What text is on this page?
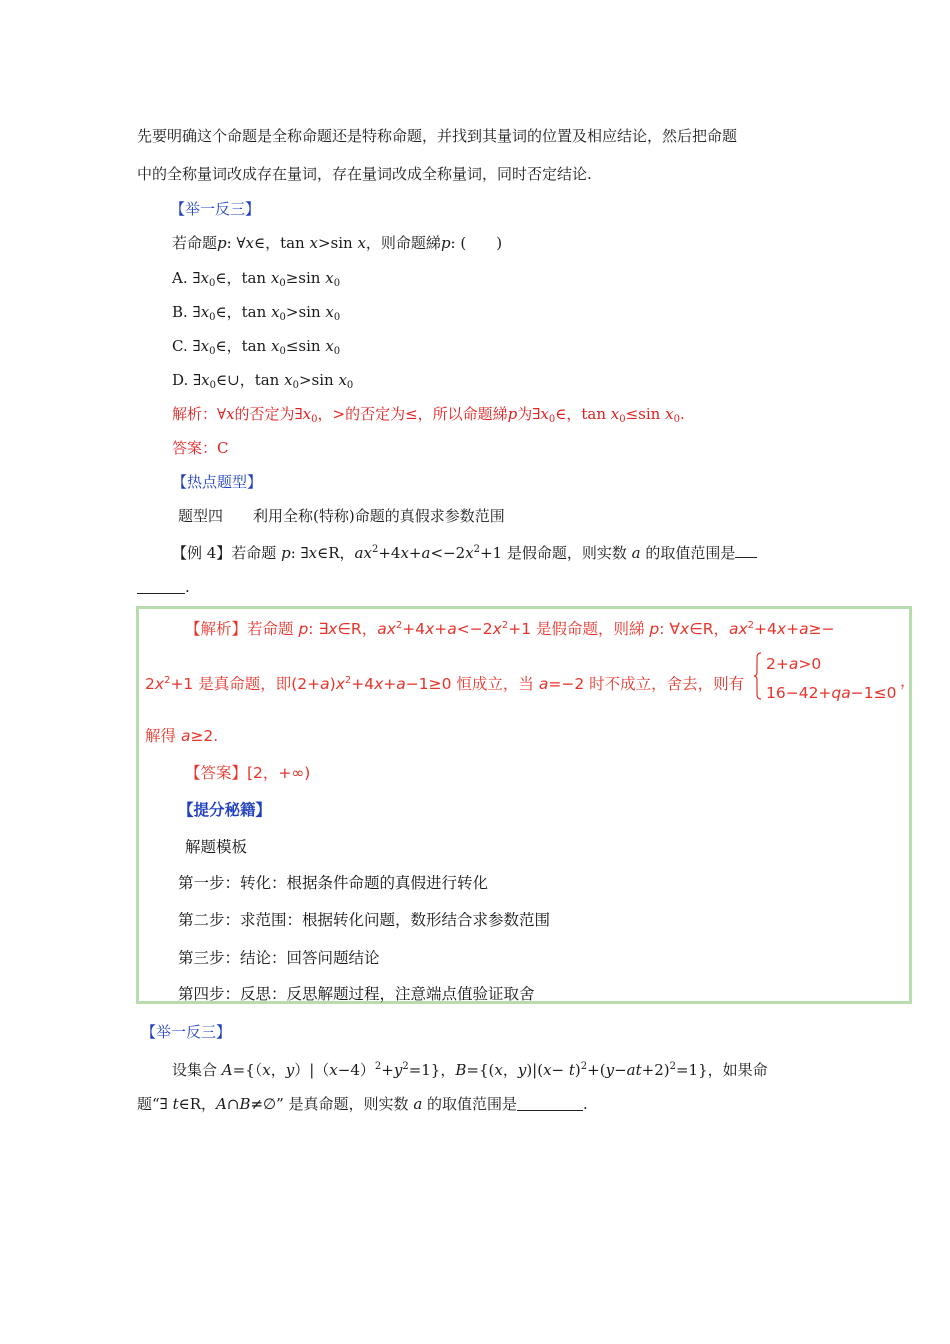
先要明确这个命题是全称命题还是特称命题，并找到其量词的位置及相应结论，然后把命题
中的全称量词改成存在量词，存在量词改成全称量词，同时否定结论.
【举一反三】
若命题p: ∀x∈，tan x>sin x，则命题綈p: (　　)
A. $\exists x_0\in$，$\tan x_0\ge\sin$ $x_0$
B. $\exists x_0\in$，$\tan x_0>\sin$ $x_0$
C. $\exists x_0\in$，$\tan x_0\le\sin$ $x_0$
D. $\exists x_0\in\cup$，$\tan x_0>\sin$ $x_0$
解析：∀x的否定为$\exists x_0$，>的否定为≤，所以命题綈p为$\exists x_0\in$，$\tan x_0\le\sin$ $x_0$.
答案：C
【热点题型】
题型四　　利用全称(特称)命题的真假求参数范围
【例 4】若命题 p: ∃x∈R，$ax^2+4x+a<-2x^2+1$ 是假命题，则实数 a 的取值范围是
.
【解析】若命题 p: ∃x∈R，$ax^2+4x+a<-2x^2+1$ 是假命题，则綈 p: ∀x∈R，$ax^2+4x+a\ge-$
$2x^2+1$ 是真命题，即$(2+a)x^2+4x+a-1\ge 0$ 恒成立，当 a=−2 时不成立，舍去，则有
2+a>0
16−42+qa−1≤0
，
解得 a≥2.
【答案】[2，+∞)
【提分秘籍】
解题模板
第一步：转化：根据条件命题的真假进行转化
第二步：求范围：根据转化问题，数形结合求参数范围
第三步：结论：回答问题结论
第四步：反思：反思解题过程，注意端点值验证取舍
【举一反三】
设集合 A={（x，$y)|(x-4)^2+y^2=1$}，B={(x，$y)|(x- t)^2+(y-at+2)^2=1$}，如果命
题“∃ t∈R，A∩B≠∅” 是真命题，则实数 a 的取值范围是	.
